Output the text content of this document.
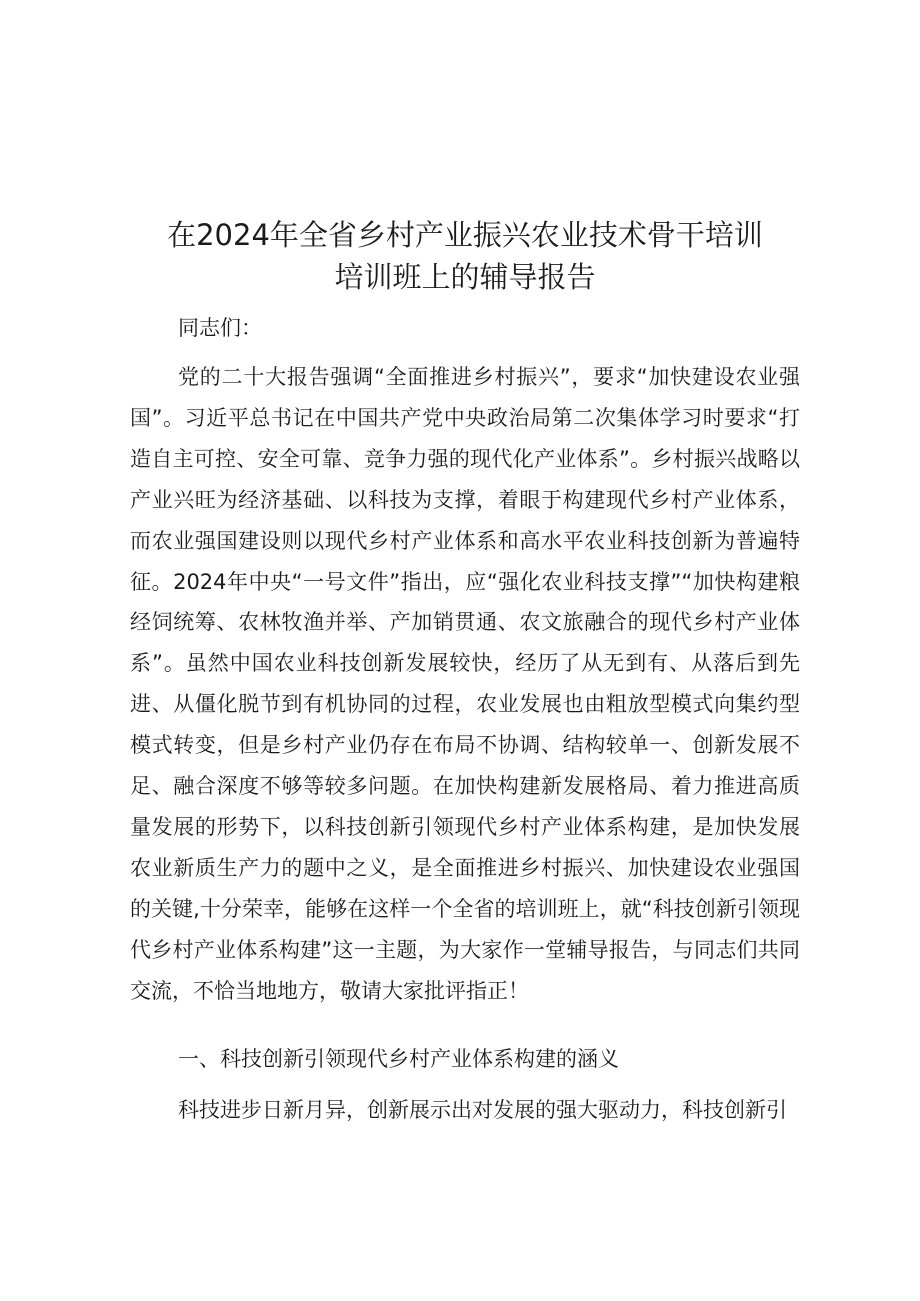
在2024年全省乡村产业振兴农业技术骨干培训
培训班上的辅导报告

同志们：

党的二十大报告强调“全面推进乡村振兴”，要求“加快建设农业强国”。习近平总书记在中国共产党中央政治局第二次集体学习时要求“打造自主可控、安全可靠、竞争力强的现代化产业体系”。乡村振兴战略以产业兴旺为经济基础、以科技为支撑，着眼于构建现代乡村产业体系，而农业强国建设则以现代乡村产业体系和高水平农业科技创新为普遍特征。2024年中央“一号文件”指出，应“强化农业科技支撑”“加快构建粮经饲统筹、农林牧渔并举、产加销贯通、农文旅融合的现代乡村产业体系”。虽然中国农业科技创新发展较快，经历了从无到有、从落后到先进、从僵化脱节到有机协同的过程，农业发展也由粗放型模式向集约型模式转变，但是乡村产业仍存在布局不协调、结构较单一、创新发展不足、融合深度不够等较多问题。在加快构建新发展格局、着力推进高质量发展的形势下，以科技创新引领现代乡村产业体系构建，是加快发展农业新质生产力的题中之义，是全面推进乡村振兴、加快建设农业强国的关键,十分荣幸，能够在这样一个全省的培训班上，就“科技创新引领现代乡村产业体系构建”这一主题，为大家作一堂辅导报告，与同志们共同交流，不恰当地地方，敬请大家批评指正！

一、科技创新引领现代乡村产业体系构建的涵义

科技进步日新月异，创新展示出对发展的强大驱动力，科技创新引
